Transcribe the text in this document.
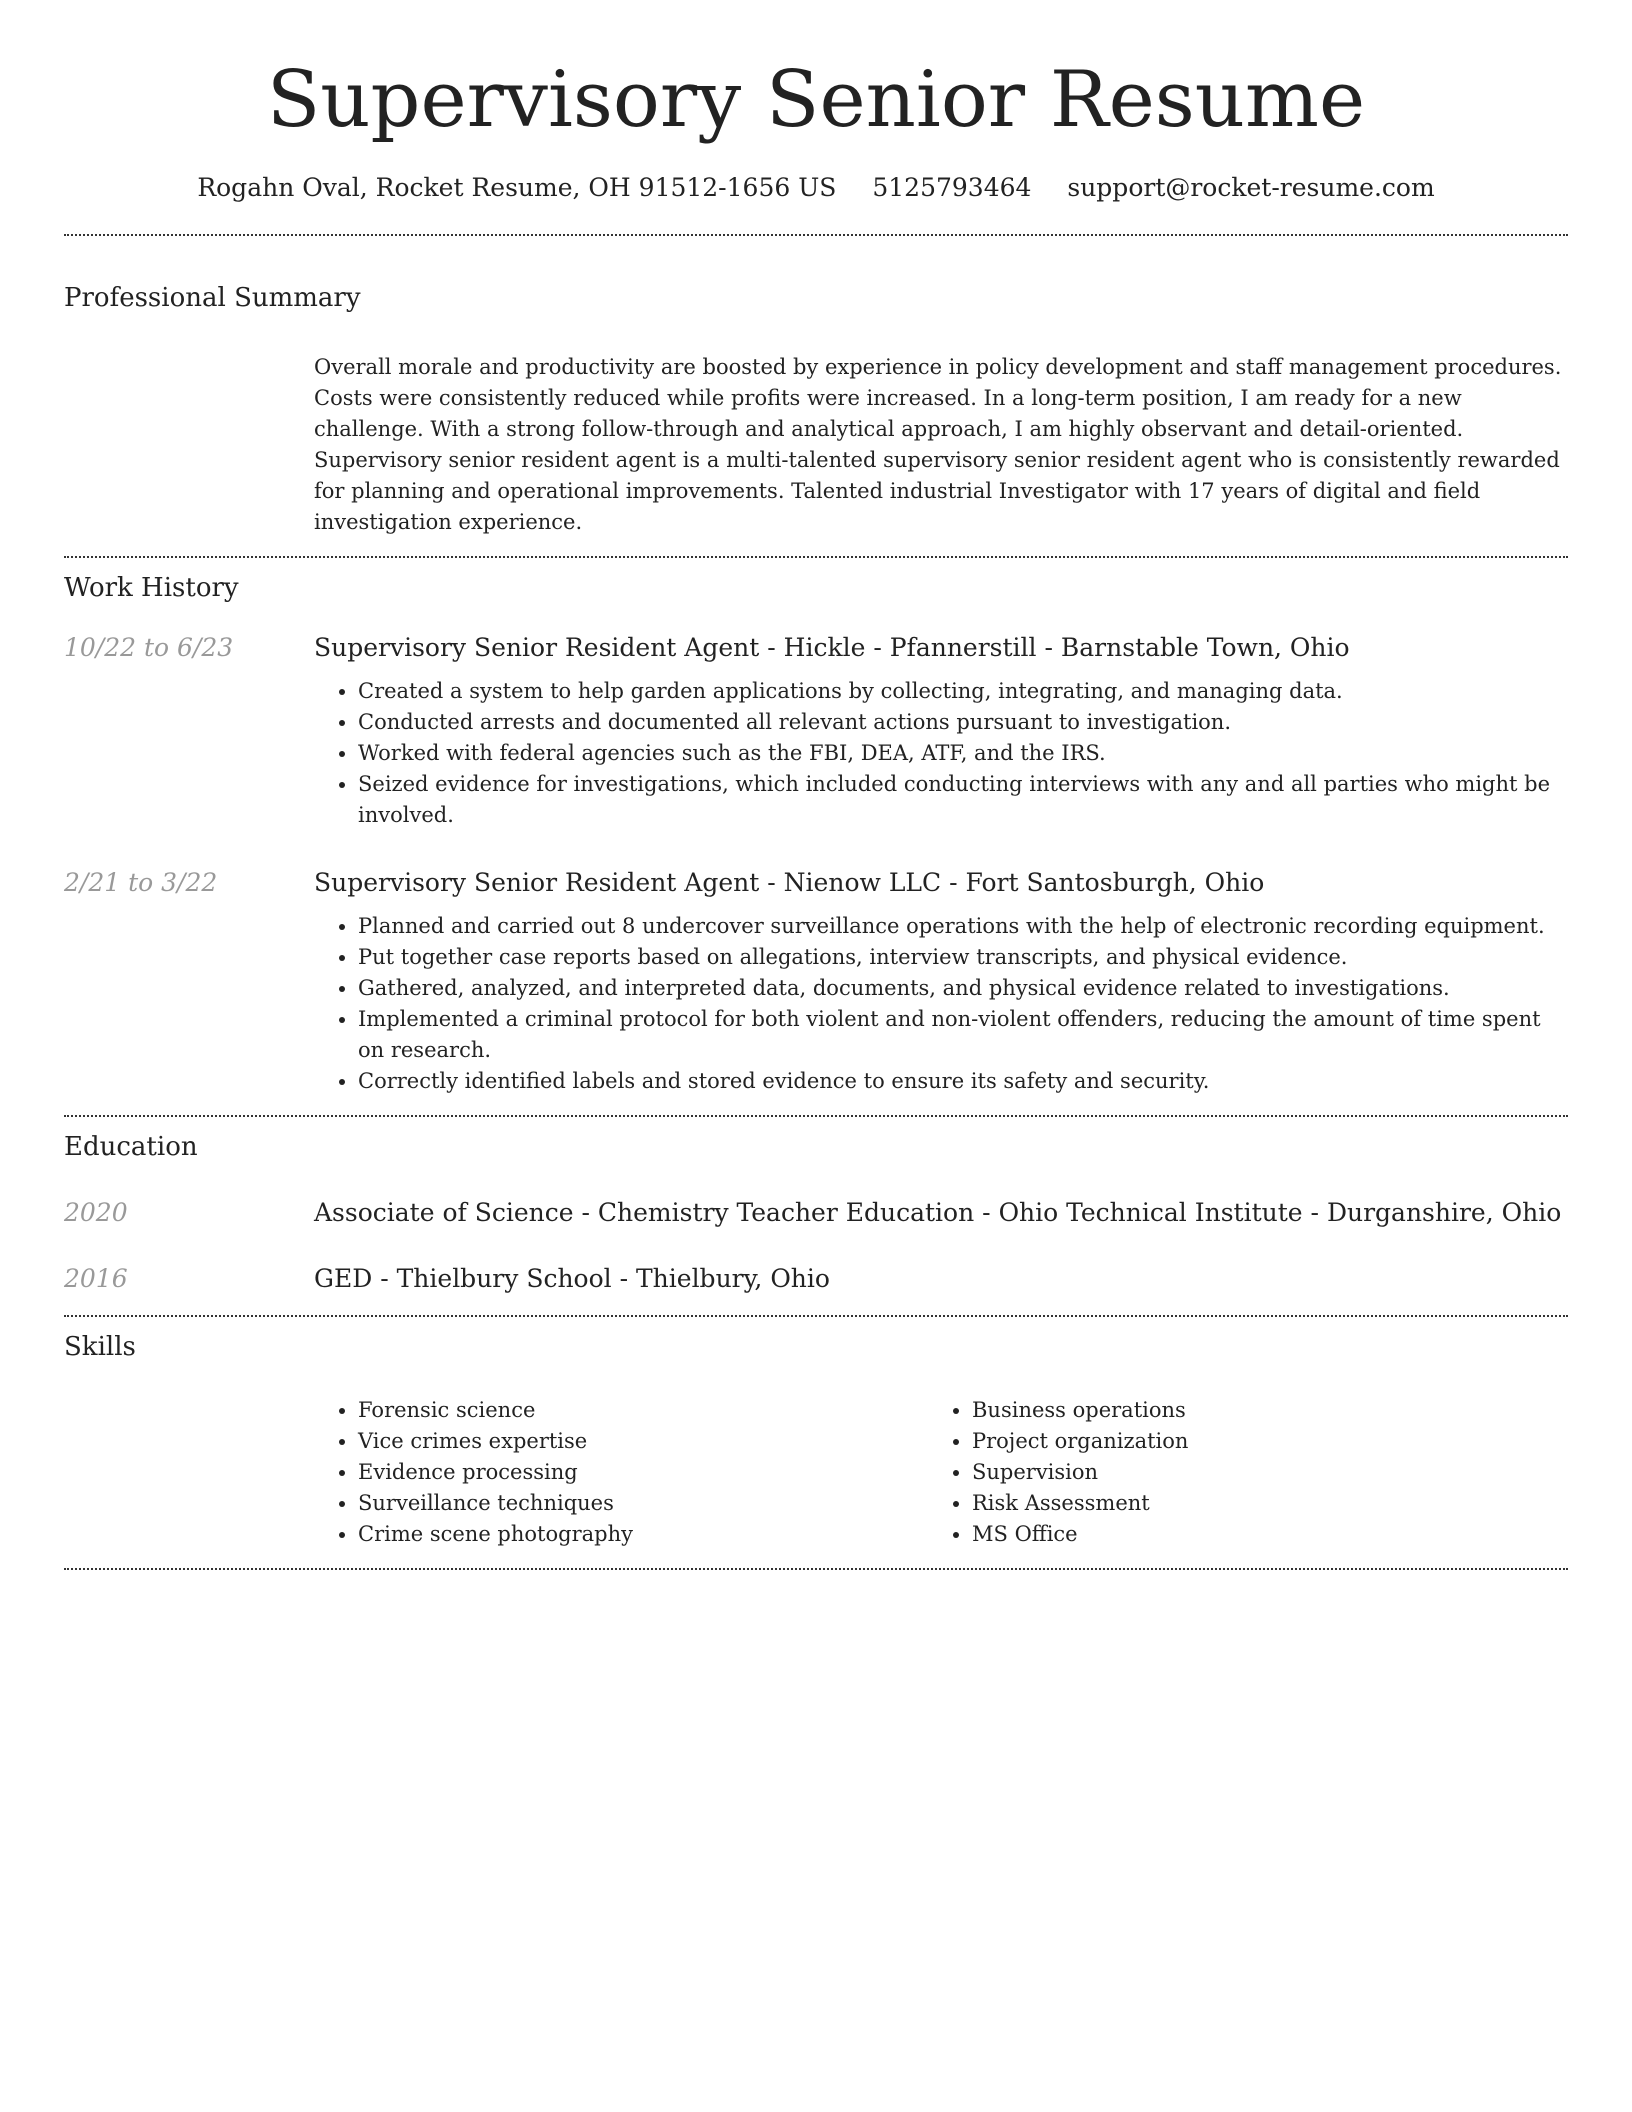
Supervisory Senior Resume
Rogahn Oval, Rocket Resume, OH 91512-1656 US 5125793464 support@rocket-resume.com
Professional Summary
Overall morale and productivity are boosted by experience in policy development and staff management procedures. Costs were consistently reduced while profits were increased. In a long-term position, I am ready for a new challenge. With a strong follow-through and analytical approach, I am highly observant and detail-oriented. Supervisory senior resident agent is a multi-talented supervisory senior resident agent who is consistently rewarded for planning and operational improvements. Talented industrial Investigator with 17 years of digital and field investigation experience.
Work History
10/22 to 6/23	Supervisory Senior Resident Agent - Hickle - Pfannerstill - Barnstable Town, Ohio
• Created a system to help garden applications by collecting, integrating, and managing data.
• Conducted arrests and documented all relevant actions pursuant to investigation.
• Worked with federal agencies such as the FBI, DEA, ATF, and the IRS.
• Seized evidence for investigations, which included conducting interviews with any and all parties who might be involved.
2/21 to 3/22	Supervisory Senior Resident Agent - Nienow LLC - Fort Santosburgh, Ohio
• Planned and carried out 8 undercover surveillance operations with the help of electronic recording equipment.
• Put together case reports based on allegations, interview transcripts, and physical evidence.
• Gathered, analyzed, and interpreted data, documents, and physical evidence related to investigations.
• Implemented a criminal protocol for both violent and non-violent offenders, reducing the amount of time spent on research.
• Correctly identified labels and stored evidence to ensure its safety and security.
Education
2020	Associate of Science - Chemistry Teacher Education - Ohio Technical Institute - Durganshire, Ohio
2016	GED - Thielbury School - Thielbury, Ohio
Skills
• Forensic science
• Vice crimes expertise
• Evidence processing
• Surveillance techniques
• Crime scene photography
• Business operations
• Project organization
• Supervision
• Risk Assessment
• MS Office
